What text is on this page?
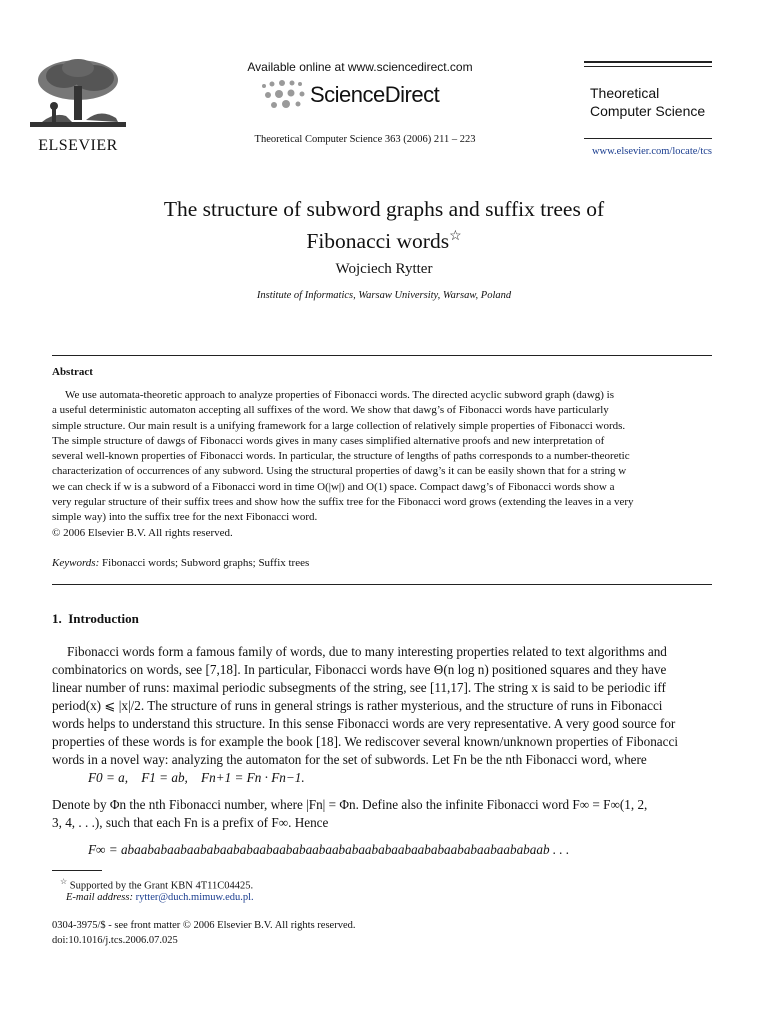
ELSEVIER
Available online at www.sciencedirect.com
ScienceDirect
Theoretical Computer Science 363 (2006) 211 – 223
Theoretical
Computer Science
www.elsevier.com/locate/tcs
The structure of subword graphs and suffix trees of
Fibonacci words☆
Wojciech Rytter
Institute of Informatics, Warsaw University, Warsaw, Poland
Abstract
We use automata-theoretic approach to analyze properties of Fibonacci words. The directed acyclic subword graph (dawg) is
a useful deterministic automaton accepting all suffixes of the word. We show that dawg’s of Fibonacci words have particularly
simple structure. Our main result is a unifying framework for a large collection of relatively simple properties of Fibonacci words.
The simple structure of dawgs of Fibonacci words gives in many cases simplified alternative proofs and new interpretation of
several well-known properties of Fibonacci words. In particular, the structure of lengths of paths corresponds to a number-theoretic
characterization of occurrences of any subword. Using the structural properties of dawg’s it can be easily shown that for a string w
we can check if w is a subword of a Fibonacci word in time O(|w|) and O(1) space. Compact dawg’s of Fibonacci words show a
very regular structure of their suffix trees and show how the suffix tree for the Fibonacci word grows (extending the leaves in a very
simple way) into the suffix tree for the next Fibonacci word.
© 2006 Elsevier B.V. All rights reserved.
Keywords: Fibonacci words; Subword graphs; Suffix trees
1.  Introduction
Fibonacci words form a famous family of words, due to many interesting properties related to text algorithms and
combinatorics on words, see [7,18]. In particular, Fibonacci words have Θ(n log n) positioned squares and they have
linear number of runs: maximal periodic subsegments of the string, see [11,17]. The string x is said to be periodic iff
period(x) ⩽ |x|/2. The structure of runs in general strings is rather mysterious, and the structure of runs in Fibonacci
words helps to understand this structure. In this sense Fibonacci words are very representative. A very good source for
properties of these words is for example the book [18]. We rediscover several known/unknown properties of Fibonacci
words in a novel way: analyzing the automaton for the set of subwords. Let Fn be the nth Fibonacci word, where
F0 = a,    F1 = ab,    Fn+1 = Fn · Fn−1.
Denote by Φn the nth Fibonacci number, where |Fn| = Φn. Define also the infinite Fibonacci word F∞ = F∞(1, 2,
3, 4, . . .), such that each Fn is a prefix of F∞. Hence
F∞ = abaababaabaababaababaabaababaabaababaababaabaababaababaabaababaab . . .
☆ Supported by the Grant KBN 4T11C04425.
E-mail address: rytter@duch.mimuw.edu.pl.
0304-3975/$ - see front matter © 2006 Elsevier B.V. All rights reserved.
doi:10.1016/j.tcs.2006.07.025
